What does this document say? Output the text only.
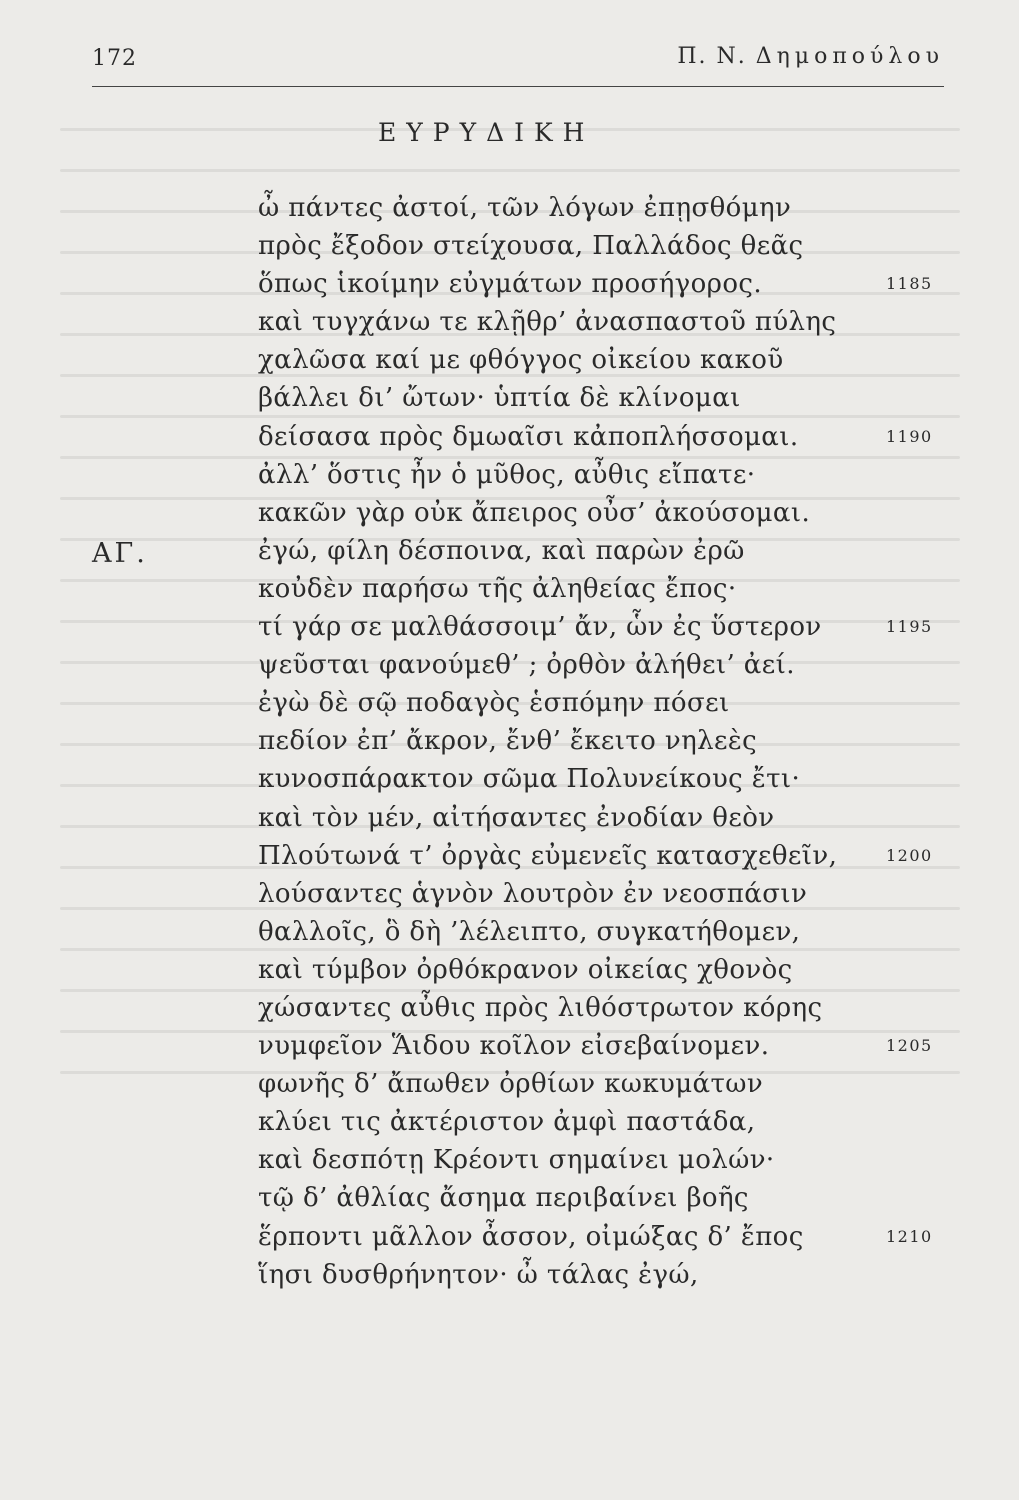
172	Π. Ν. Δημοπούλου
ΕΥΡΥΔΙΚΗ
ὦ πάντες ἀστοί, τῶν λόγων ἐπῃσθόμην
πρὸς ἔξοδον στείχουσα, Παλλάδος θεᾶς
ὅπως ἱκοίμην εὐγμάτων προσήγορος.	1185
καὶ τυγχάνω τε κλῇθρ’ ἀνασπαστοῦ πύλης
χαλῶσα καί με φθόγγος οἰκείου κακοῦ
βάλλει δι’ ὤτων· ὑπτία δὲ κλίνομαι
δείσασα πρὸς δμωαῖσι κἀποπλήσσομαι.	1190
ἀλλ’ ὅστις ἦν ὁ μῦθος, αὖθις εἴπατε·
κακῶν γὰρ οὐκ ἄπειρος οὖσ’ ἀκούσομαι.
ΑΓ.	ἐγώ, φίλη δέσποινα, καὶ παρὼν ἐρῶ
κοὐδὲν παρήσω τῆς ἀληθείας ἔπος·
τί γάρ σε μαλθάσσοιμ’ ἄν, ὧν ἐς ὕστερον	1195
ψεῦσται φανούμεθ’ ; ὀρθὸν ἀλήθει’ ἀεί.
ἐγὼ δὲ σῷ ποδαγὸς ἑσπόμην πόσει
πεδίον ἐπ’ ἄκρον, ἔνθ’ ἔκειτο νηλεὲς
κυνοσπάρακτον σῶμα Πολυνείκους ἔτι·
καὶ τὸν μέν, αἰτήσαντες ἐνοδίαν θεὸν
Πλούτωνά τ’ ὀργὰς εὐμενεῖς κατασχεθεῖν,	1200
λούσαντες ἁγνὸν λουτρὸν ἐν νεοσπάσιν
θαλλοῖς, ὃ δὴ ’λέλειπτο, συγκατήθομεν,
καὶ τύμβον ὀρθόκρανον οἰκείας χθονὸς
χώσαντες αὖθις πρὸς λιθόστρωτον κόρης
νυμφεῖον Ἅιδου κοῖλον εἰσεβαίνομεν.	1205
φωνῆς δ’ ἄπωθεν ὀρθίων κωκυμάτων
κλύει τις ἀκτέριστον ἀμφὶ παστάδα,
καὶ δεσπότῃ Κρέοντι σημαίνει μολών·
τῷ δ’ ἀθλίας ἄσημα περιβαίνει βοῆς
ἕρποντι μᾶλλον ἆσσον, οἰμώξας δ’ ἔπος	1210
ἵησι δυσθρήνητον· ὦ τάλας ἐγώ,
